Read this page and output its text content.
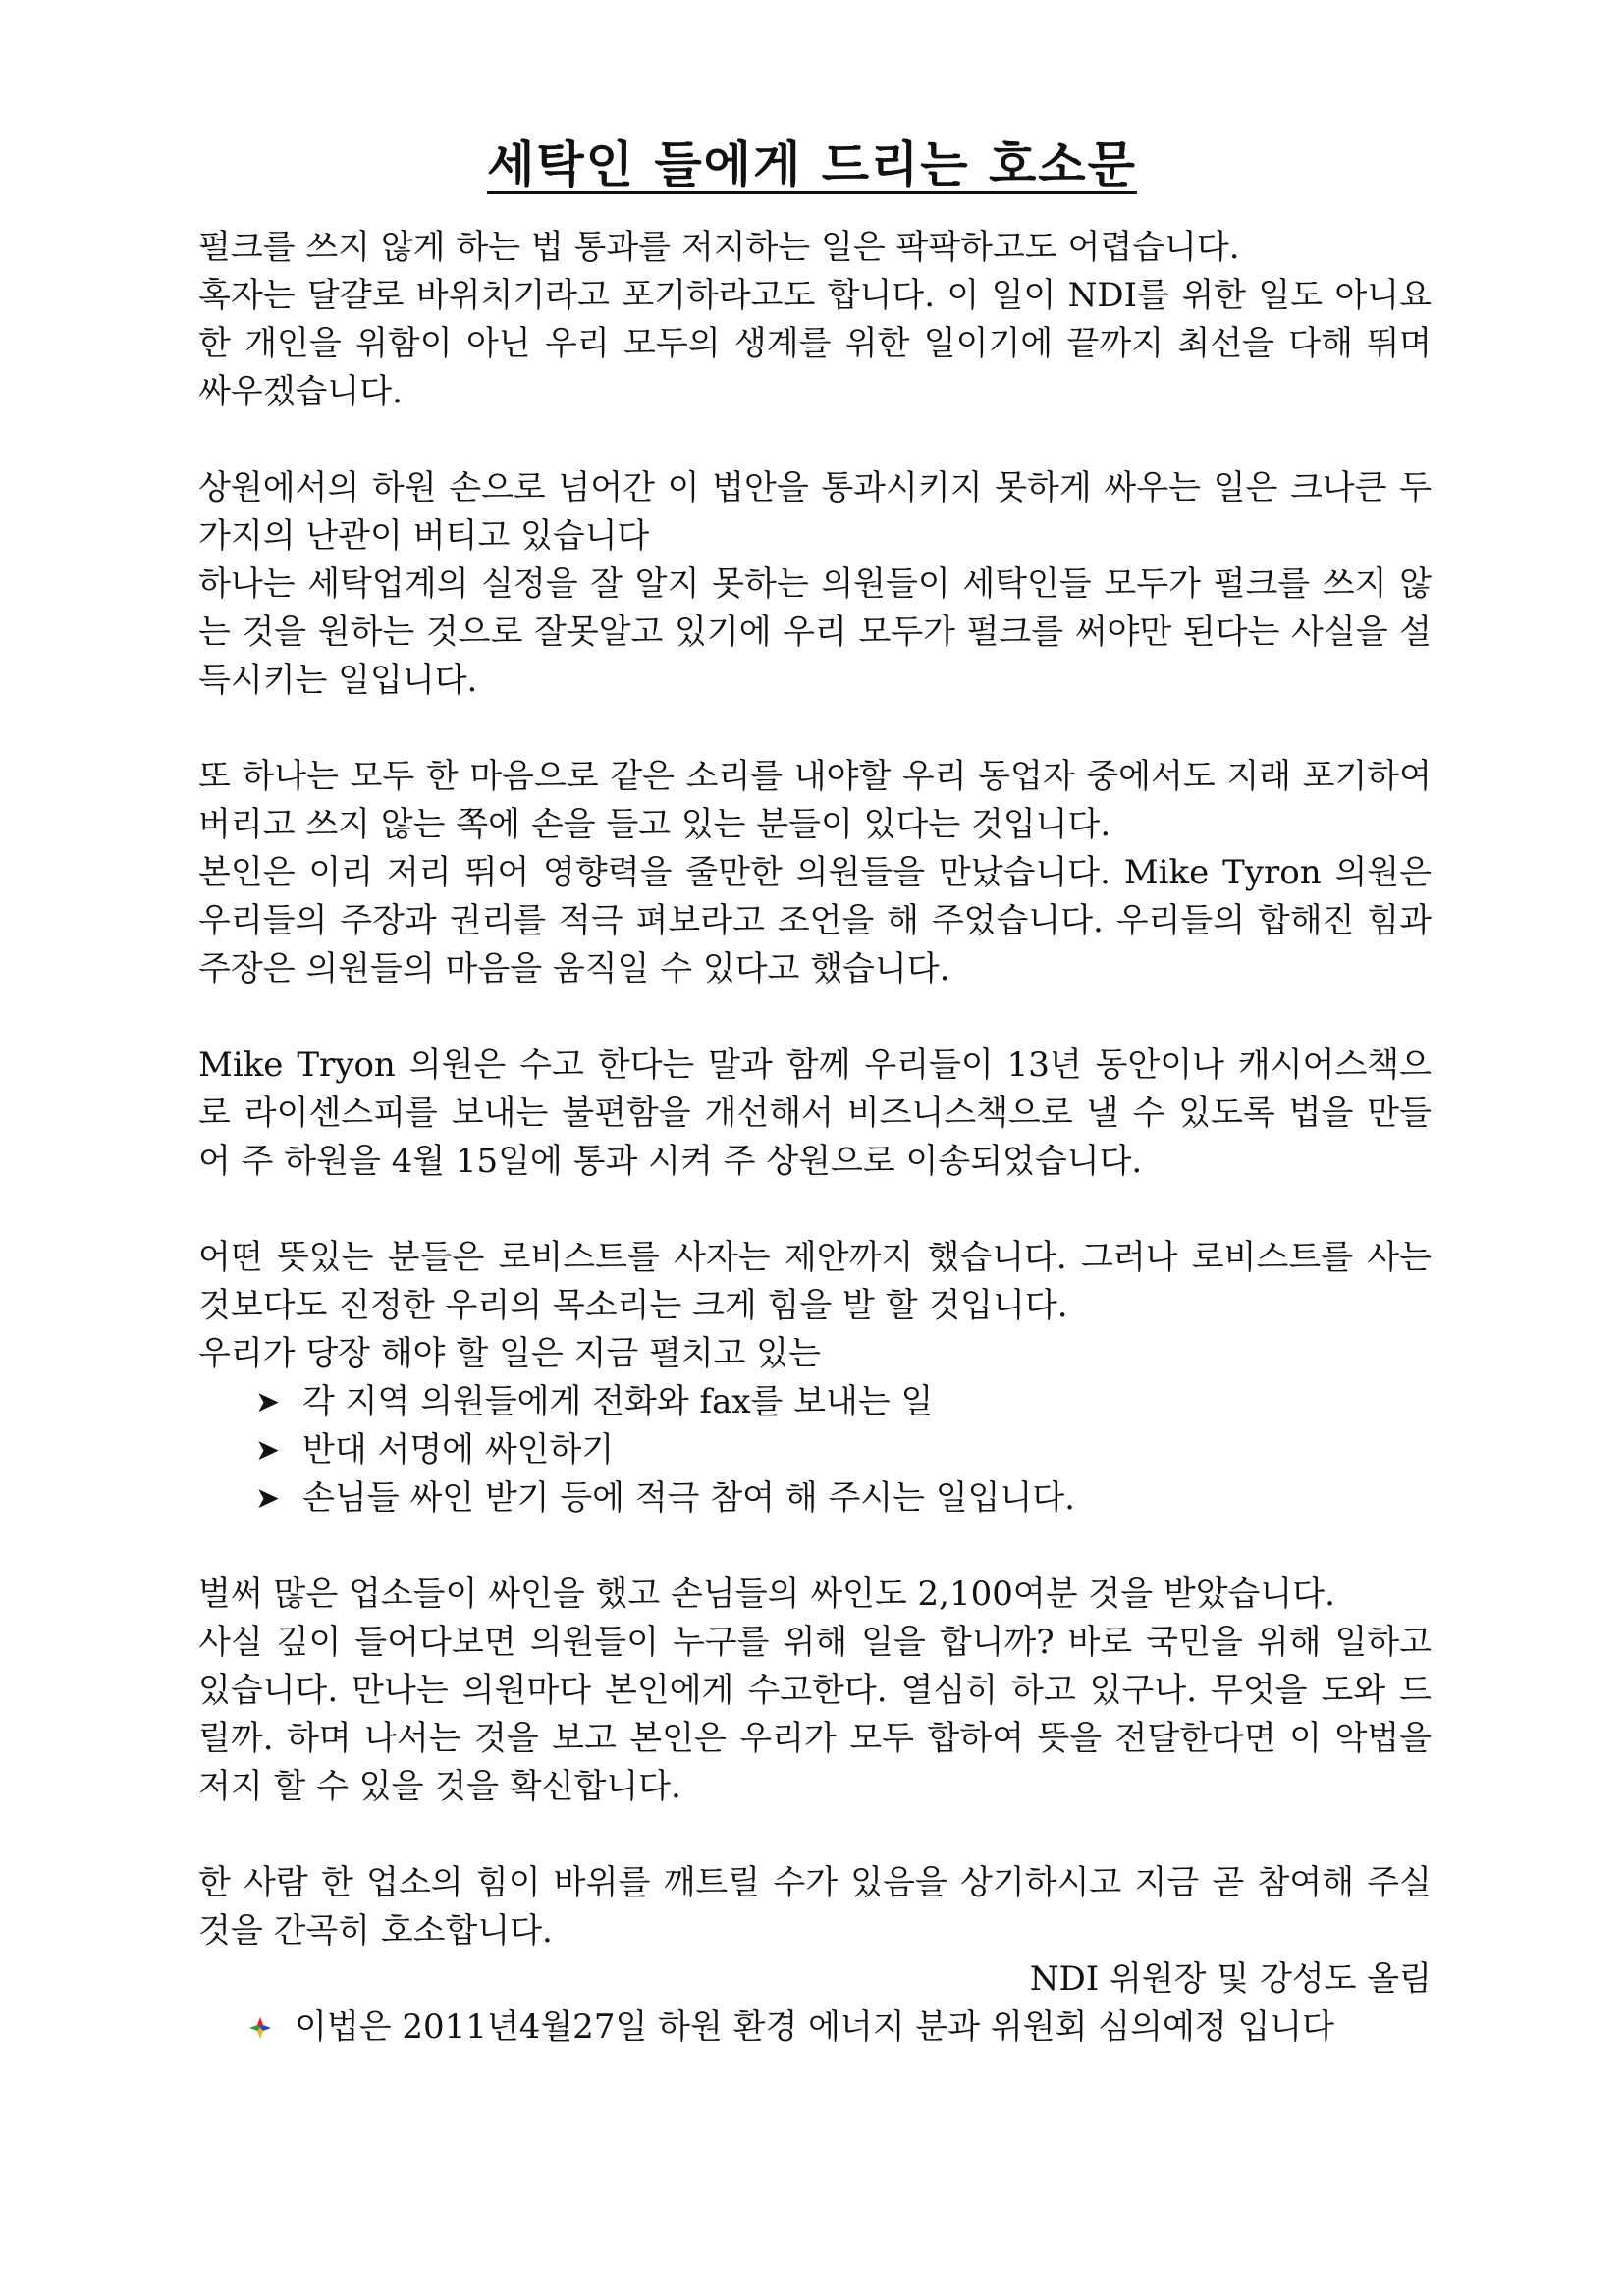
세탁인 들에게 드리는 호소문

펄크를 쓰지 않게 하는 법 통과를 저지하는 일은 팍팍하고도 어렵습니다.
혹자는 달걀로 바위치기라고 포기하라고도 합니다. 이 일이 NDI를 위한 일도 아니요 한 개인을 위함이 아닌 우리 모두의 생계를 위한 일이기에 끝까지 최선을 다해 뛰며 싸우겠습니다.

상원에서의 하원 손으로 넘어간 이 법안을 통과시키지 못하게 싸우는 일은 크나큰 두 가지의 난관이 버티고 있습니다
하나는 세탁업계의 실정을 잘 알지 못하는 의원들이 세탁인들 모두가 펄크를 쓰지 않는 것을 원하는 것으로 잘못알고 있기에 우리 모두가 펄크를 써야만 된다는 사실을 설득시키는 일입니다.

또 하나는 모두 한 마음으로 같은 소리를 내야할 우리 동업자 중에서도 지래 포기하여 버리고 쓰지 않는 쪽에 손을 들고 있는 분들이 있다는 것입니다.
본인은 이리 저리 뛰어 영향력을 줄만한 의원들을 만났습니다. Mike Tyron 의원은 우리들의 주장과 권리를 적극 펴보라고 조언을 해 주었습니다. 우리들의 합해진 힘과 주장은 의원들의 마음을 움직일 수 있다고 했습니다.

Mike Tryon 의원은 수고 한다는 말과 함께 우리들이 13년 동안이나 캐시어스책으로 라이센스피를 보내는 불편함을 개선해서 비즈니스책으로 낼 수 있도록 법을 만들어 주 하원을 4월 15일에 통과 시켜 주 상원으로 이송되었습니다.

어떤 뜻있는 분들은 로비스트를 사자는 제안까지 했습니다. 그러나 로비스트를 사는 것보다도 진정한 우리의 목소리는 크게 힘을 발 할 것입니다.
우리가 당장 해야 할 일은 지금 펼치고 있는

➤ 각 지역 의원들에게 전화와 fax를 보내는 일
➤ 반대 서명에 싸인하기
➤ 손님들 싸인 받기 등에 적극 참여 해 주시는 일입니다.

벌써 많은 업소들이 싸인을 했고 손님들의 싸인도 2,100여분 것을 받았습니다.
사실 깊이 들어다보면 의원들이 누구를 위해 일을 합니까? 바로 국민을 위해 일하고 있습니다. 만나는 의원마다 본인에게 수고한다. 열심히 하고 있구나. 무엇을 도와 드릴까. 하며 나서는 것을 보고 본인은 우리가 모두 합하여 뜻을 전달한다면 이 악법을 저지 할 수 있을 것을 확신합니다.

한 사람 한 업소의 힘이 바위를 깨트릴 수가 있음을 상기하시고 지금 곧 참여해 주실 것을 간곡히 호소합니다.

NDI 위원장 및 강성도 올림

이법은 2011년4월27일 하원 환경 에너지 분과 위원회 심의예정 입니다
